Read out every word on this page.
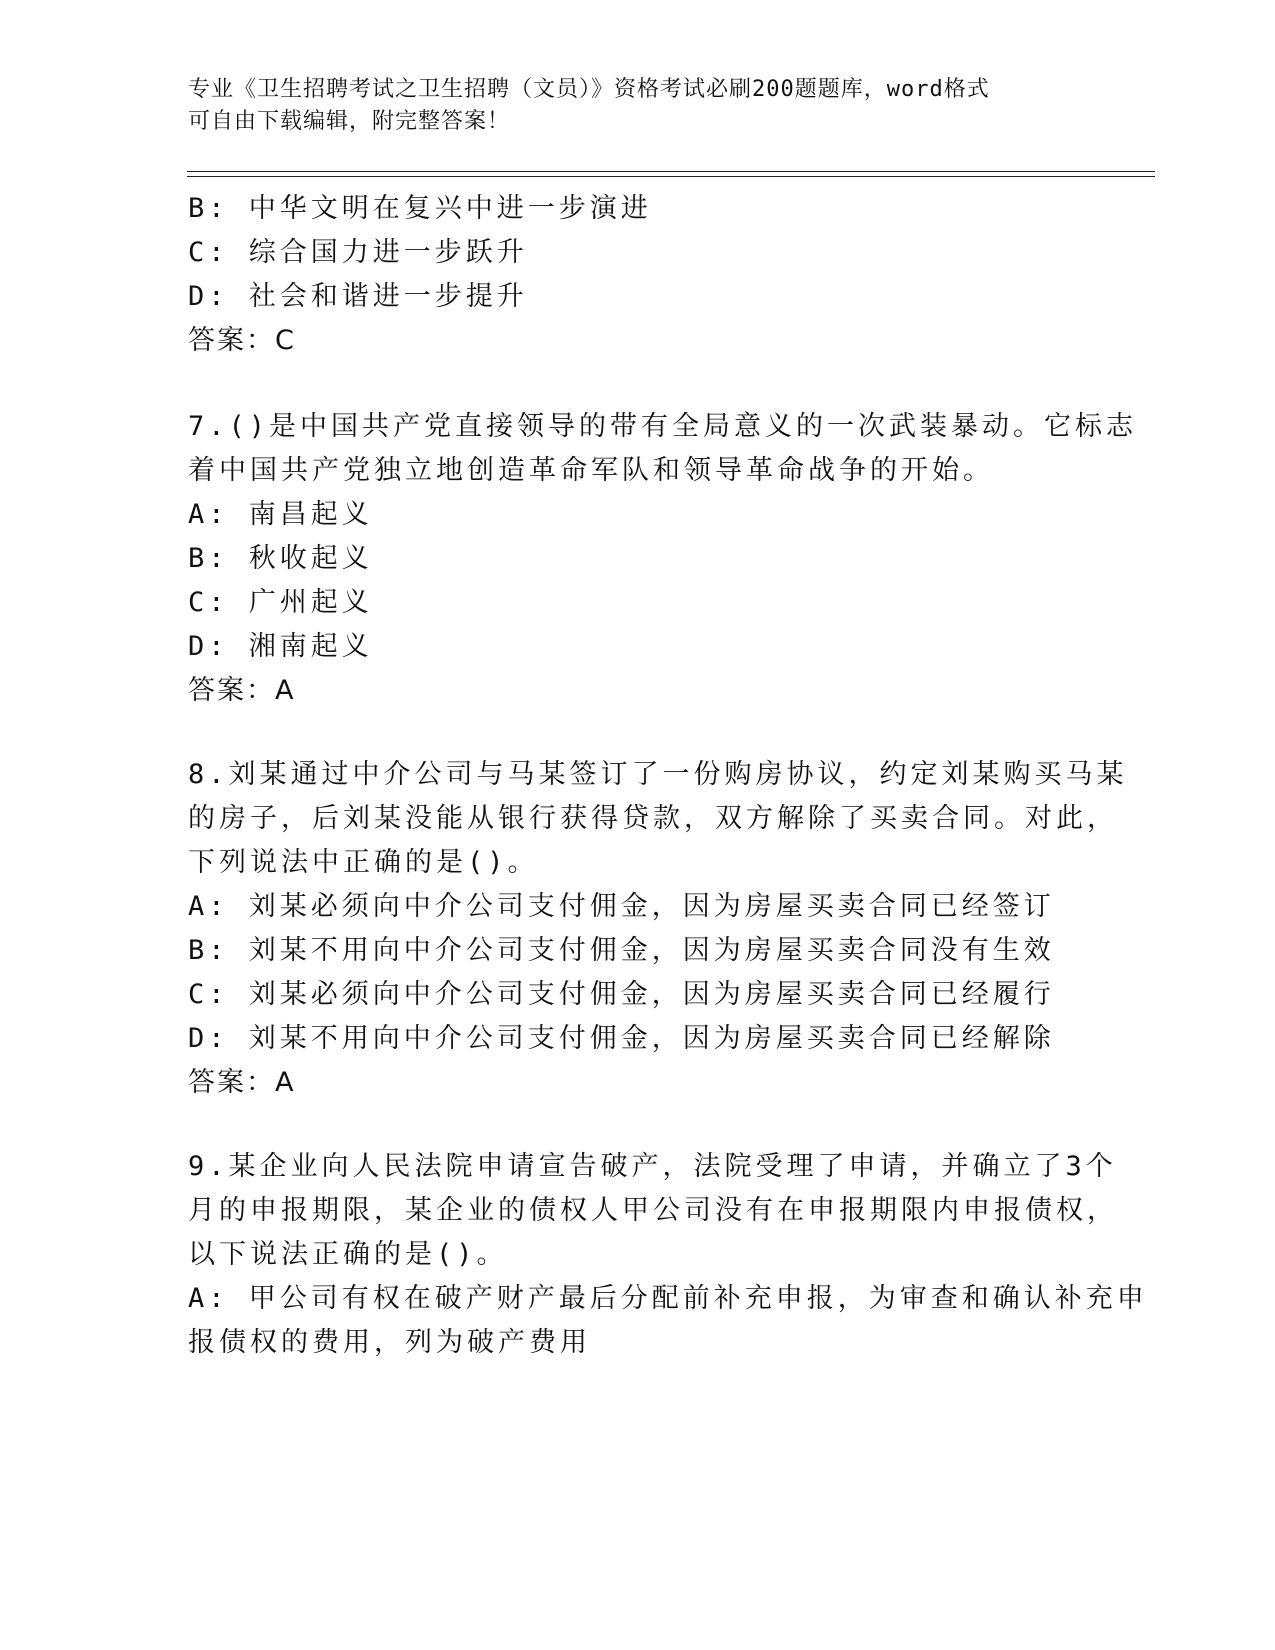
专业《卫生招聘考试之卫生招聘（文员）》资格考试必刷200题题库，word格式
可自由下载编辑，附完整答案！
B: 中华文明在复兴中进一步演进
C: 综合国力进一步跃升
D: 社会和谐进一步提升
答案：C
7.()是中国共产党直接领导的带有全局意义的一次武装暴动。它标志
着中国共产党独立地创造革命军队和领导革命战争的开始。
A: 南昌起义
B: 秋收起义
C: 广州起义
D: 湘南起义
答案：A
8.刘某通过中介公司与马某签订了一份购房协议，约定刘某购买马某
的房子，后刘某没能从银行获得贷款，双方解除了买卖合同。对此，
下列说法中正确的是()。
A: 刘某必须向中介公司支付佣金，因为房屋买卖合同已经签订
B: 刘某不用向中介公司支付佣金，因为房屋买卖合同没有生效
C: 刘某必须向中介公司支付佣金，因为房屋买卖合同已经履行
D: 刘某不用向中介公司支付佣金，因为房屋买卖合同已经解除
答案：A
9.某企业向人民法院申请宣告破产，法院受理了申请，并确立了3个
月的申报期限，某企业的债权人甲公司没有在申报期限内申报债权，
以下说法正确的是()。
A: 甲公司有权在破产财产最后分配前补充申报，为审查和确认补充申
报债权的费用，列为破产费用
